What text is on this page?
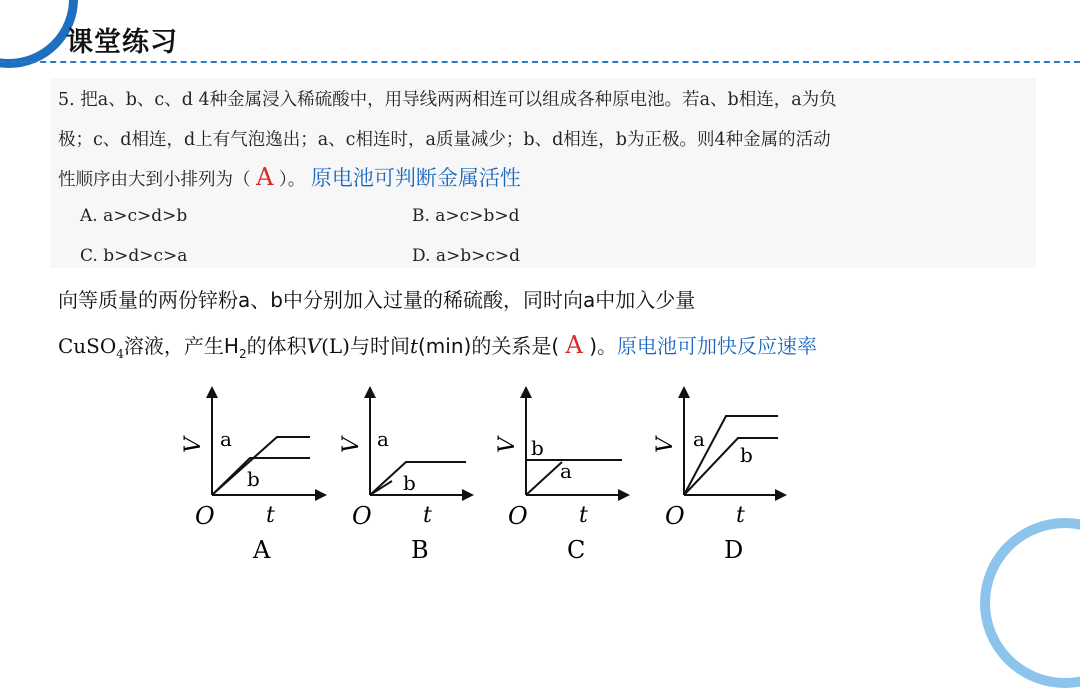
课堂练习
5. 把a、b、c、d 4种金属浸入稀硫酸中，用导线两两相连可以组成各种原电池。若a、b相连，a为负
极；c、d相连，d上有气泡逸出；a、c相连时，a质量减少；b、d相连，b为正极。则4种金属的活动
性顺序由大到小排列为（ A ）。 原电池可判断金属活性
A. a>c>d>b	B. a>c>b>d
C. b>d>c>a	D. a>b>c>d
向等质量的两份锌粉a、b中分别加入过量的稀硫酸，同时向a中加入少量
CuSO$_4$溶液，产生$H_2$的体积V(L)与时间t(min)的关系是( A )。原电池可加快反应速率
V a
b
O t
A
V a
b
O t
B
V b
a
O t
C
V a
b
O t
D
